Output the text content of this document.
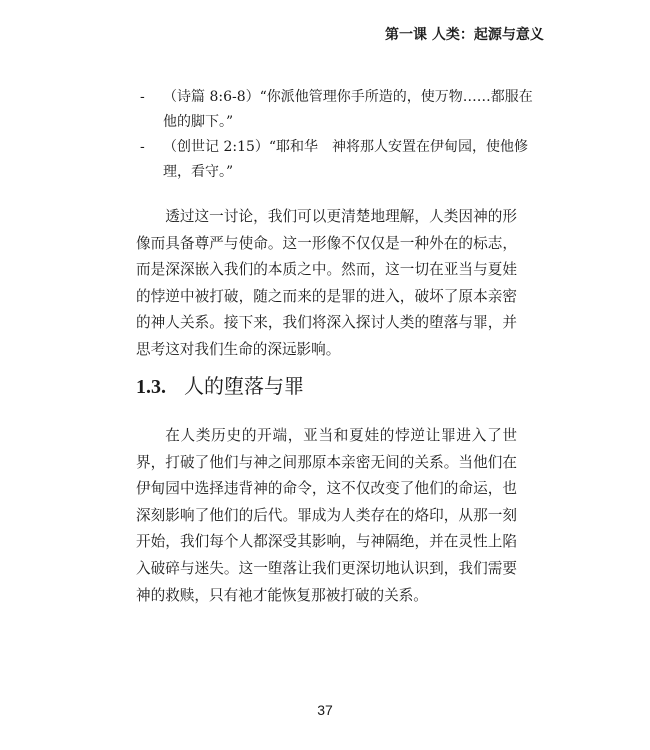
第一课 人类：起源与意义
- （诗篇 8:6-8）“你派他管理你手所造的，使万物……都服在他的脚下。”
- （创世记 2:15）“耶和华　神将那人安置在伊甸园，使他修理，看守。”

透过这一讨论，我们可以更清楚地理解，人类因神的形像而具备尊严与使命。这一形像不仅仅是一种外在的标志，而是深深嵌入我们的本质之中。然而，这一切在亚当与夏娃的悖逆中被打破，随之而来的是罪的进入，破坏了原本亲密的神人关系。接下来，我们将深入探讨人类的堕落与罪，并思考这对我们生命的深远影响。

1.3. 人的堕落与罪

在人类历史的开端，亚当和夏娃的悖逆让罪进入了世界，打破了他们与神之间那原本亲密无间的关系。当他们在伊甸园中选择违背神的命令，这不仅改变了他们的命运，也深刻影响了他们的后代。罪成为人类存在的烙印，从那一刻开始，我们每个人都深受其影响，与神隔绝，并在灵性上陷入破碎与迷失。这一堕落让我们更深切地认识到，我们需要神的救赎，只有祂才能恢复那被打破的关系。

37
